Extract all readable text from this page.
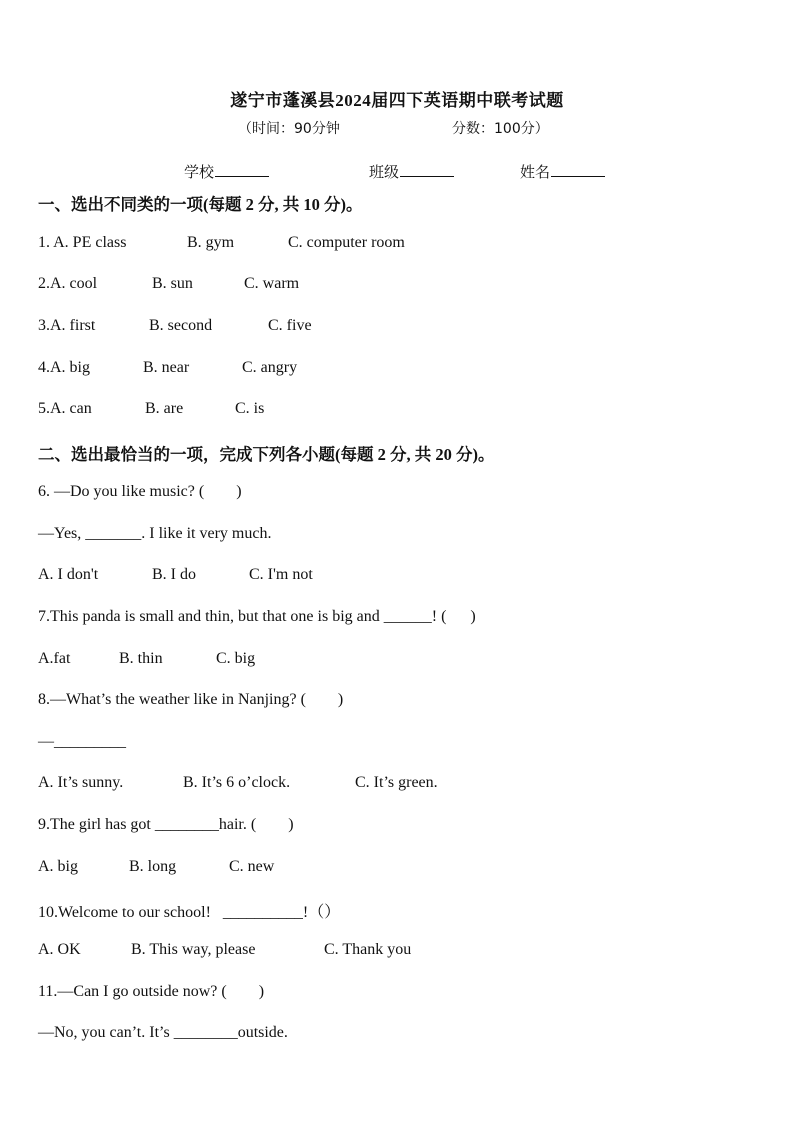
遂宁市蓬溪县2024届四下英语期中联考试题
（时间：90分钟	分数：100分）
学校	班级	姓名
一、选出不同类的一项(每题 2 分, 共 10 分)。
1. A. PE class	B. gym	C. computer room
2.A. cool	B. sun	C. warm
3.A. first	B. second	C. five
4.A. big	B. near	C. angry
5.A. can	B. are	C. is
二、选出最恰当的一项，完成下列各小题(每题 2 分, 共 20 分)。
6. —Do you like music? (        )
—Yes, _______. I like it very much.
A. I don't	B. I do	C. I'm not
7.This panda is small and thin, but that one is big and ______! (      )
A.fat	B. thin	C. big
8.—What’s the weather like in Nanjing? (        )
—_________
A. It’s sunny.	B. It’s 6 o’clock.	C. It’s green.
9.The girl has got ________hair. (        )
A. big	B. long	C. new
10.Welcome to our school!   __________!（）
A. OK	B. This way, please	C. Thank you
11.—Can I go outside now? (        )
—No, you can’t. It’s ________outside.
